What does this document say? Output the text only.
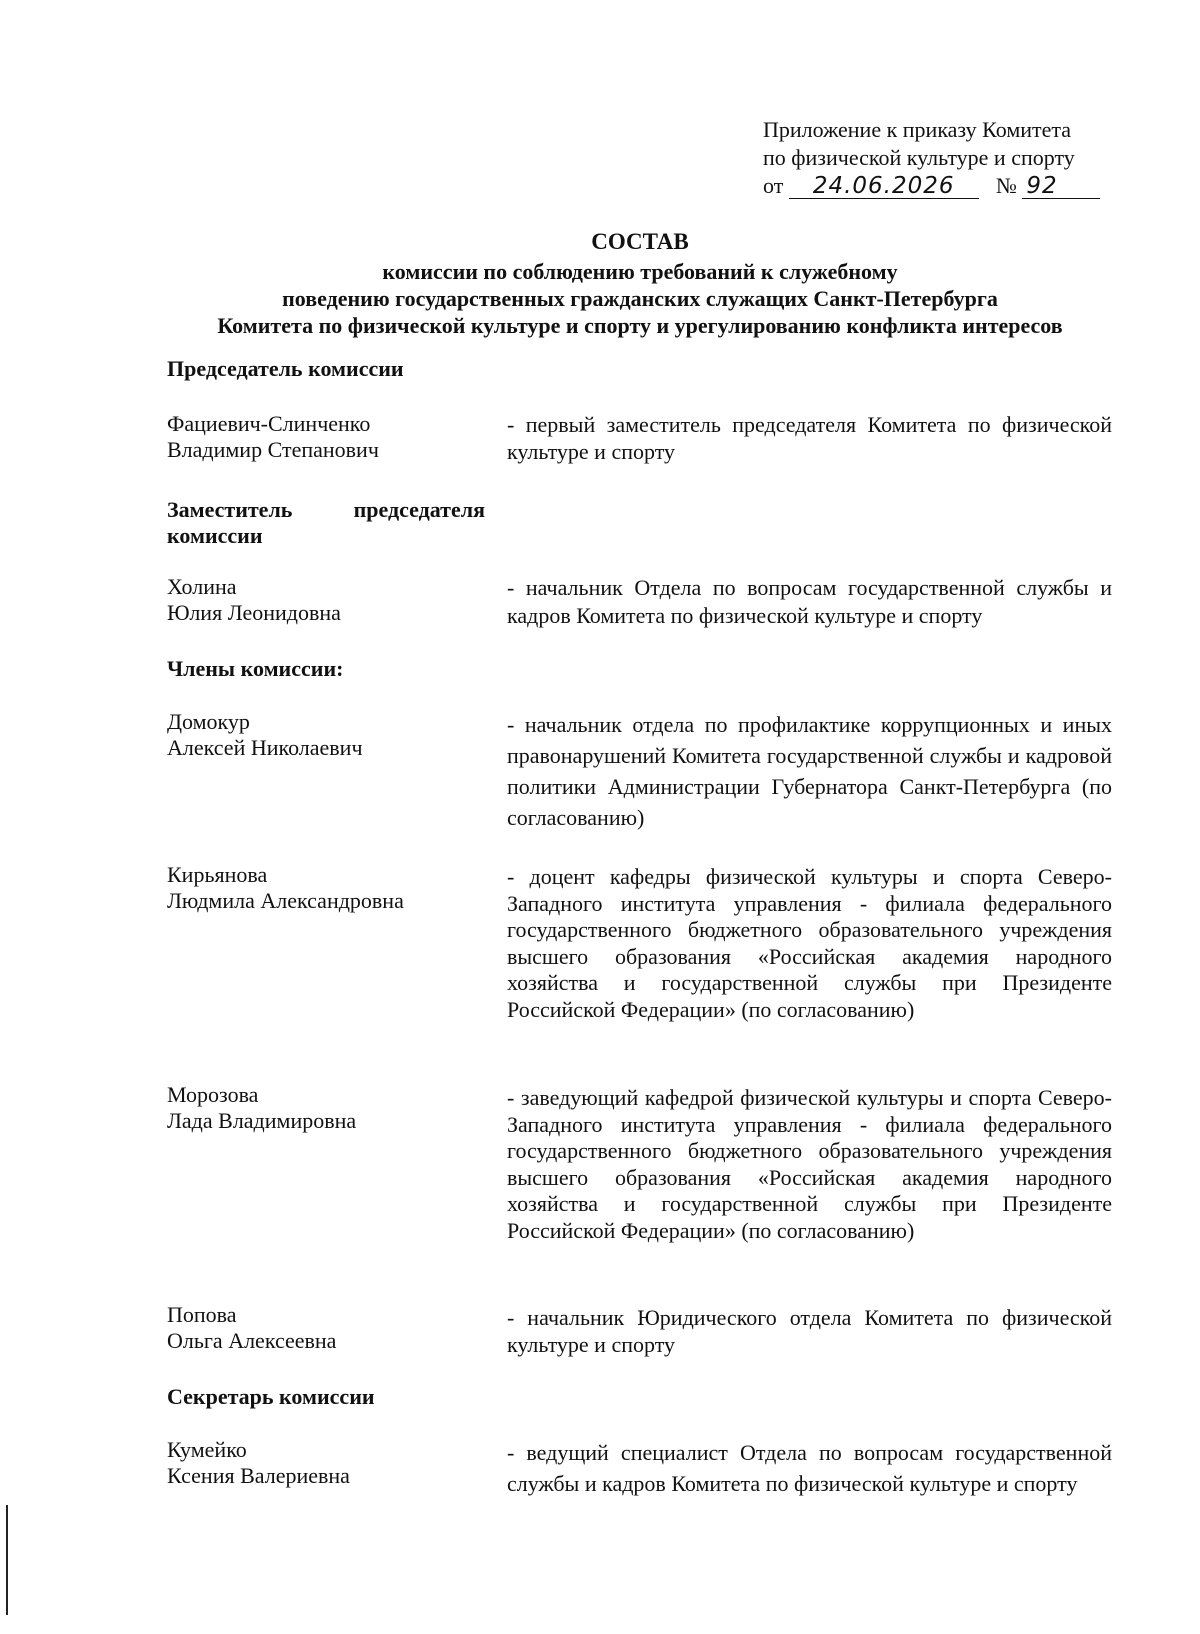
Приложение к приказу Комитета
по физической культуре и спорту
от 24.06.2026 № 92
СОСТАВ
комиссии по соблюдению требований к служебному
поведению государственных гражданских служащих Санкт-Петербурга
Комитета по физической культуре и спорту и урегулированию конфликта интересов
Председатель комиссии
Фациевич-Слинченко
Владимир Степанович
- первый заместитель председателя Комитета по физической культуре и спорту
Заместитель	председателя
комиссии
Холина
Юлия Леонидовна
- начальник Отдела по вопросам государственной службы и кадров Комитета по физической культуре и спорту
Члены комиссии:
Домокур
Алексей Николаевич
- начальник отдела по профилактике коррупционных и иных правонарушений Комитета государственной службы и кадровой политики Администрации Губернатора Санкт-Петербурга (по согласованию)
Кирьянова
Людмила Александровна
- доцент кафедры физической культуры и спорта Северо-Западного института управления - филиала федерального государственного бюджетного образовательного учреждения высшего образования «Российская академия народного хозяйства и государственной службы при Президенте Российской Федерации» (по согласованию)
Морозова
Лада Владимировна
- заведующий кафедрой физической культуры и спорта Северо-Западного института управления - филиала федерального государственного бюджетного образовательного учреждения высшего образования «Российская академия народного хозяйства и государственной службы при Президенте Российской Федерации» (по согласованию)
Попова
Ольга Алексеевна
- начальник Юридического отдела Комитета по физической культуре и спорту
Секретарь комиссии
Кумейко
Ксения Валериевна
- ведущий специалист Отдела по вопросам государственной службы и кадров Комитета по физической культуре и спорту
